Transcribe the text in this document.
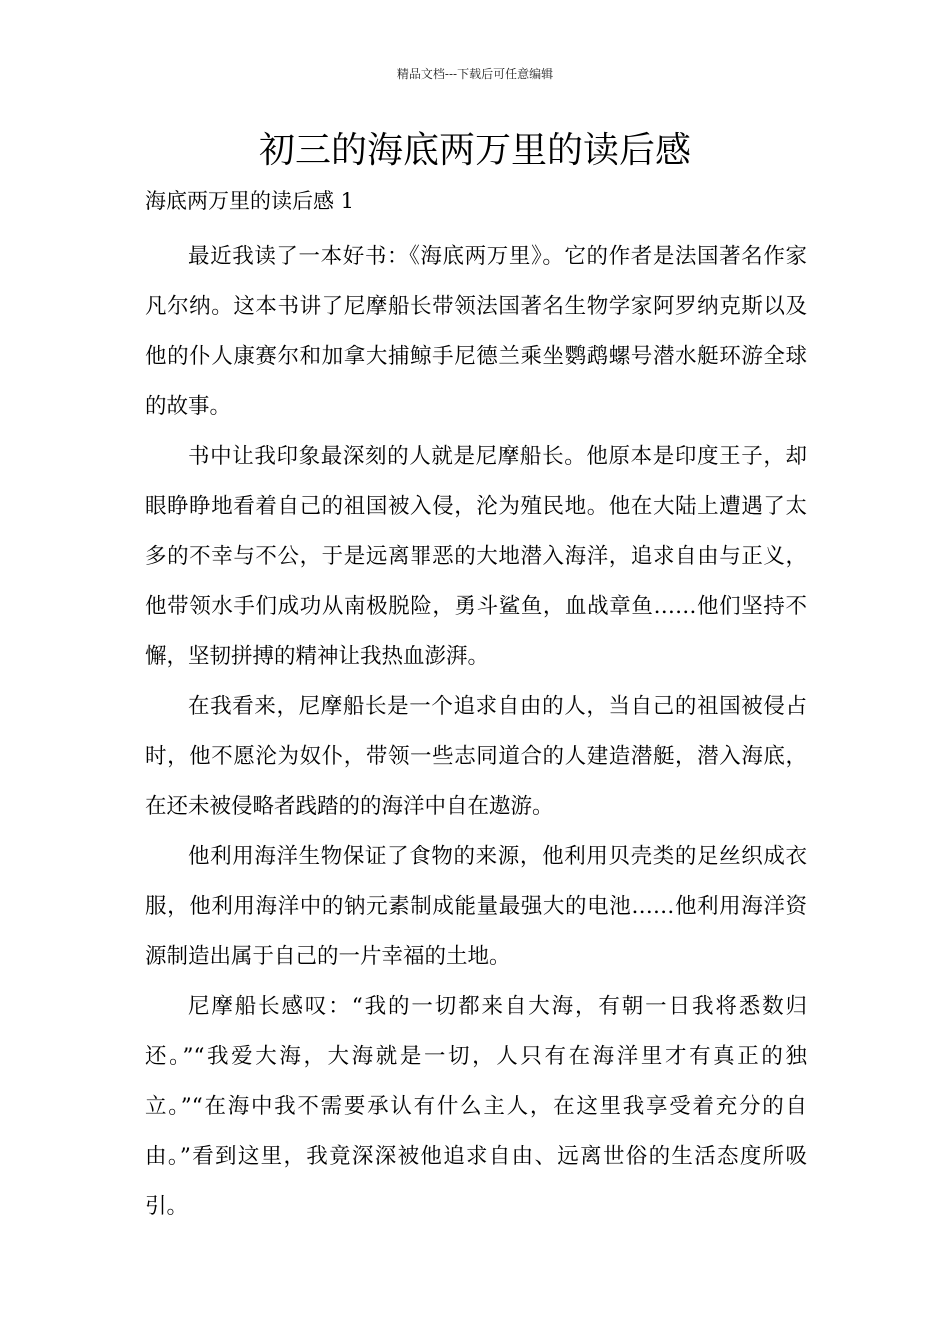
精品文档---下载后可任意编辑
初三的海底两万里的读后感
海底两万里的读后感 1

最近我读了一本好书：《海底两万里》。它的作者是法国著名作家凡尔纳。这本书讲了尼摩船长带领法国著名生物学家阿罗纳克斯以及他的仆人康赛尔和加拿大捕鲸手尼德兰乘坐鹦鹉螺号潜水艇环游全球的故事。

书中让我印象最深刻的人就是尼摩船长。他原本是印度王子，却眼睁睁地看着自己的祖国被入侵，沦为殖民地。他在大陆上遭遇了太多的不幸与不公，于是远离罪恶的大地潜入海洋，追求自由与正义，他带领水手们成功从南极脱险，勇斗鲨鱼，血战章鱼……他们坚持不懈，坚韧拼搏的精神让我热血澎湃。

在我看来，尼摩船长是一个追求自由的人，当自己的祖国被侵占时，他不愿沦为奴仆，带领一些志同道合的人建造潜艇，潜入海底，在还未被侵略者践踏的的海洋中自在遨游。

他利用海洋生物保证了食物的来源，他利用贝壳类的足丝织成衣服，他利用海洋中的钠元素制成能量最强大的电池……他利用海洋资源制造出属于自己的一片幸福的土地。

尼摩船长感叹：“我的一切都来自大海，有朝一日我将悉数归还。”“我爱大海，大海就是一切，人只有在海洋里才有真正的独立。”“在海中我不需要承认有什么主人，在这里我享受着充分的自由。”看到这里，我竟深深被他追求自由、远离世俗的生活态度所吸引。
